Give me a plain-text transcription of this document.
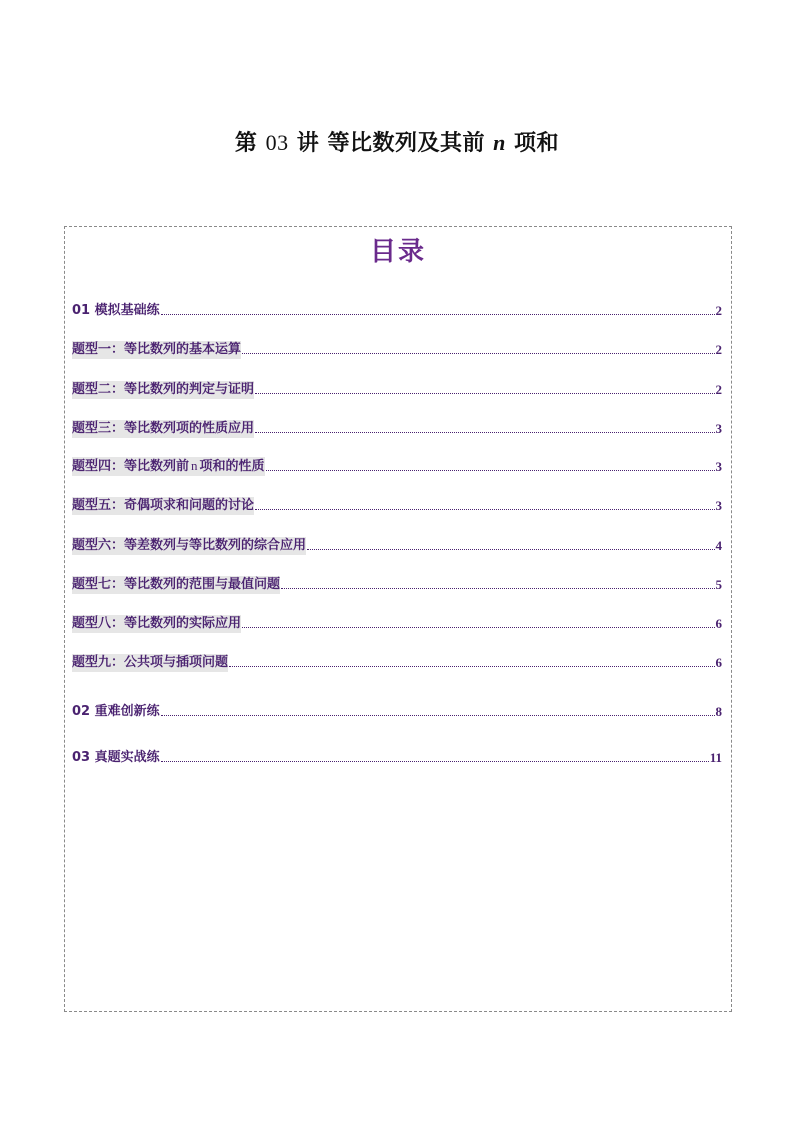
第 03 讲 等比数列及其前 n 项和
目录
01 模拟基础练	2
题型一：等比数列的基本运算	2
题型二：等比数列的判定与证明	2
题型三：等比数列项的性质应用	3
题型四：等比数列前 n 项和的性质	3
题型五：奇偶项求和问题的讨论	3
题型六：等差数列与等比数列的综合应用	4
题型七：等比数列的范围与最值问题	5
题型八：等比数列的实际应用	6
题型九：公共项与插项问题	6
02 重难创新练	8
03 真题实战练	11
